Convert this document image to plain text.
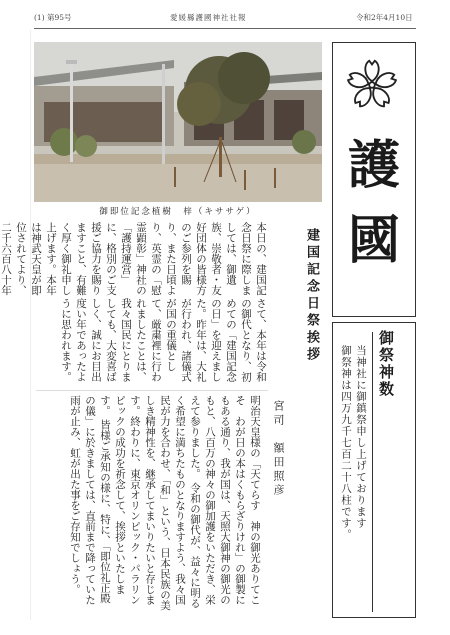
(1) 第95号	愛媛縣護國神社社報	令和2年4月10日
御即位記念植樹　梓（キササゲ）
護
國
建国記念日祭挨拶
宮司　額田照彦
本日の、建国記念日祭に際しましては、御遺族、崇敬者・友好団体の皆様方のご参列を賜り、また日頃より、英霊の「慰霊顕彰」神社の「護持運営」に、格別のご支援ご協力を賜りますこと、有難く厚く御礼申し上げます。本年は神武天皇が即位されてより、二千六百八十年
さて、本年は令和の御代となり、初めての「建国記念の日」を迎えました。昨年は、大礼が行われ、諸儀式が国の重儀として、厳粛裡に行われましたことは、我々国民にとりましても、大変喜ばしく、誠にお目出度い年であったように思われます。
明治天皇様の「天てらす　神の御光ありてこそ　わが日の本はくもらざりけれ」の御製にもある通り、我が国は、天照大御神の御光のもと、八百万の神々の御加護をいただき、栄えて参りました。 令和の御代が、益々に明るく希望に満ちたものとなりますよう、我々国民が力を合わせ、「和」という、日本民族の美しき精神性を、継承してまいりたいと存じます。終わりに、東京オリンピック・パラリンピックの成功を祈念して、挨拶といたします。 皆様ご承知の様に、特に、「即位礼正殿の儀」に於きましては、直前まで降っていた雨が止み、虹が出た事をご存知でしょう。
御祭神数
当神社に御鎮祭申し上げております
御祭神は四万九千七百二十八柱です。
